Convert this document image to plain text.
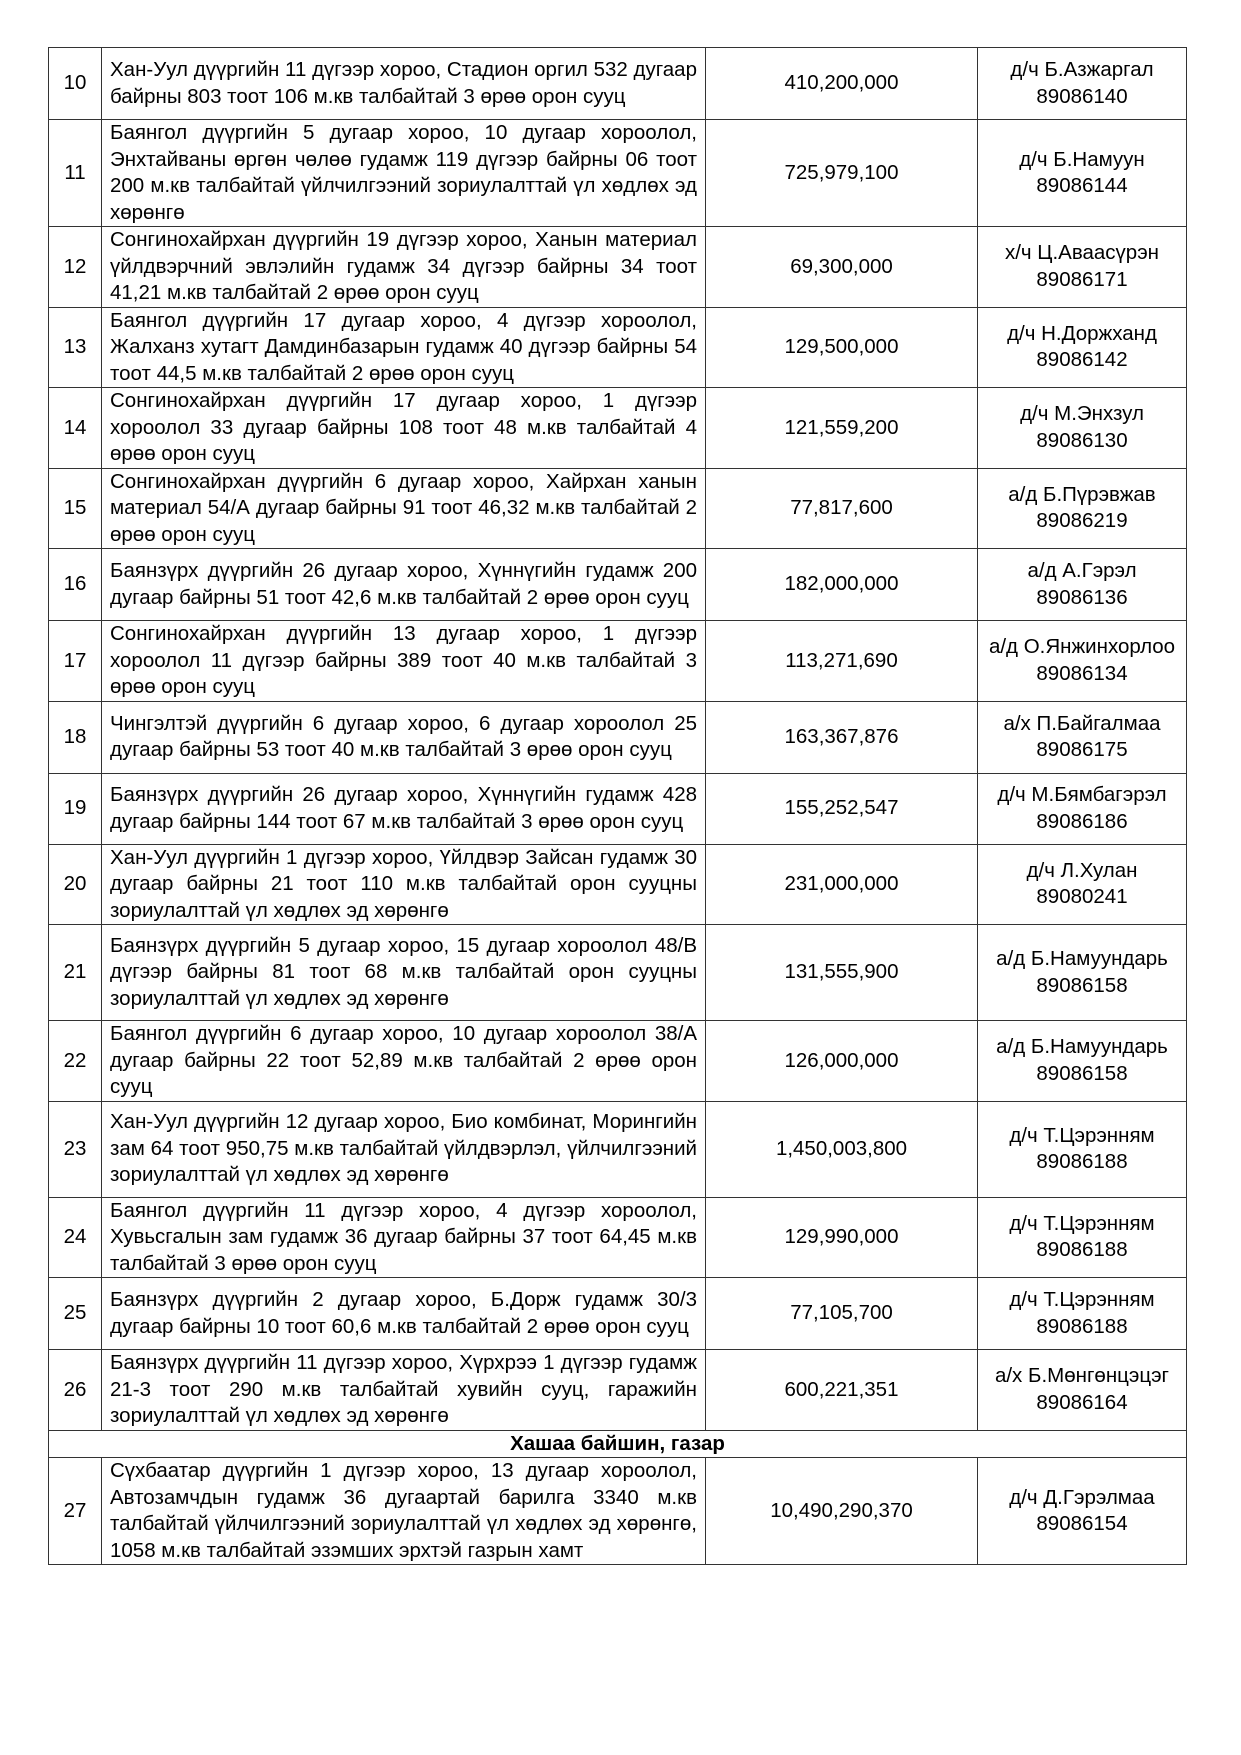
10	Хан-Уул дүүргийн 11 дүгээр хороо, Стадион оргил 532 дугаар байрны 803 тоот 106 м.кв талбайтай 3 өрөө орон сууц	410,200,000	д/ч Б.Азжаргал
89086140

11	Баянгол дүүргийн 5 дугаар хороо, 10 дугаар хороолол, Энхтайваны өргөн чөлөө гудамж 119 дүгээр байрны 06 тоот 200 м.кв талбайтай үйлчилгээний зориулалттай үл хөдлөх эд хөрөнгө	725,979,100	д/ч Б.Намуун
89086144

12	Сонгинохайрхан дүүргийн 19 дүгээр хороо, Ханын материал үйлдвэрчний эвлэлийн гудамж 34 дүгээр байрны 34 тоот 41,21 м.кв талбайтай 2 өрөө орон сууц	69,300,000	х/ч Ц.Аваасүрэн
89086171

13	Баянгол дүүргийн 17 дугаар хороо, 4 дүгээр хороолол, Жалханз хутагт Дамдинбазарын гудамж 40 дүгээр байрны 54 тоот 44,5 м.кв талбайтай 2 өрөө орон сууц	129,500,000	д/ч Н.Доржханд
89086142

14	Сонгинохайрхан дүүргийн 17 дугаар хороо, 1 дүгээр хороолол 33 дугаар байрны 108 тоот 48 м.кв талбайтай 4 өрөө орон сууц	121,559,200	д/ч М.Энхзул
89086130

15	Сонгинохайрхан дүүргийн 6 дугаар хороо, Хайрхан ханын материал 54/А дугаар байрны 91 тоот 46,32 м.кв талбайтай 2 өрөө орон сууц	77,817,600	а/д Б.Пүрэвжав
89086219

16	Баянзүрх дүүргийн 26 дугаар хороо, Хүннүгийн гудамж 200 дугаар байрны 51 тоот 42,6 м.кв талбайтай 2 өрөө орон сууц	182,000,000	а/д А.Гэрэл
89086136

17	Сонгинохайрхан дүүргийн 13 дугаар хороо, 1 дүгээр хороолол 11 дүгээр байрны 389 тоот 40 м.кв талбайтай 3 өрөө орон сууц	113,271,690	а/д О.Янжинхорлоо
89086134

18	Чингэлтэй дүүргийн 6 дугаар хороо, 6 дугаар хороолол 25 дугаар байрны 53 тоот 40 м.кв талбайтай 3 өрөө орон сууц	163,367,876	а/х П.Байгалмаа
89086175

19	Баянзүрх дүүргийн 26 дугаар хороо, Хүннүгийн гудамж 428 дугаар байрны 144 тоот 67 м.кв талбайтай 3 өрөө орон сууц	155,252,547	д/ч М.Бямбагэрэл
89086186

20	Хан-Уул дүүргийн 1 дүгээр хороо, Үйлдвэр Зайсан гудамж 30 дугаар байрны 21 тоот 110 м.кв талбайтай орон сууцны зориулалттай үл хөдлөх эд хөрөнгө	231,000,000	д/ч Л.Хулан
89080241

21	Баянзүрх дүүргийн 5 дугаар хороо, 15 дугаар хороолол 48/В дүгээр байрны 81 тоот 68 м.кв талбайтай орон сууцны зориулалттай үл хөдлөх эд хөрөнгө	131,555,900	а/д Б.Намуундарь
89086158

22	Баянгол дүүргийн 6 дугаар хороо, 10 дугаар хороолол 38/А дугаар байрны 22 тоот 52,89 м.кв талбайтай 2 өрөө орон сууц	126,000,000	а/д Б.Намуундарь
89086158

23	Хан-Уул дүүргийн 12 дугаар хороо, Био комбинат, Морингийн зам 64 тоот 950,75 м.кв талбайтай үйлдвэрлэл, үйлчилгээний зориулалттай үл хөдлөх эд хөрөнгө	1,450,003,800	д/ч Т.Цэрэнням
89086188

24	Баянгол дүүргийн 11 дүгээр хороо, 4 дүгээр хороолол, Хувьсгалын зам гудамж 36 дугаар байрны 37 тоот 64,45 м.кв талбайтай 3 өрөө орон сууц	129,990,000	д/ч Т.Цэрэнням
89086188

25	Баянзүрх дүүргийн 2 дугаар хороо, Б.Дорж гудамж 30/3 дугаар байрны 10 тоот 60,6 м.кв талбайтай 2 өрөө орон сууц	77,105,700	д/ч Т.Цэрэнням
89086188

26	Баянзүрх дүүргийн 11 дүгээр хороо, Хүрхрээ 1 дүгээр гудамж 21-3 тоот 290 м.кв талбайтай хувийн сууц, гаражийн зориулалттай үл хөдлөх эд хөрөнгө	600,221,351	а/х Б.Мөнгөнцэцэг
89086164

Хашаа байшин, газар			
27	Сүхбаатар дүүргийн 1 дүгээр хороо, 13 дугаар хороолол, Автозамчдын гудамж 36 дугаартай барилга 3340 м.кв талбайтай үйлчилгээний зориулалттай үл хөдлөх эд хөрөнгө, 1058 м.кв талбайтай эзэмших эрхтэй газрын хамт	10,490,290,370	д/ч Д.Гэрэлмаа
89086154
